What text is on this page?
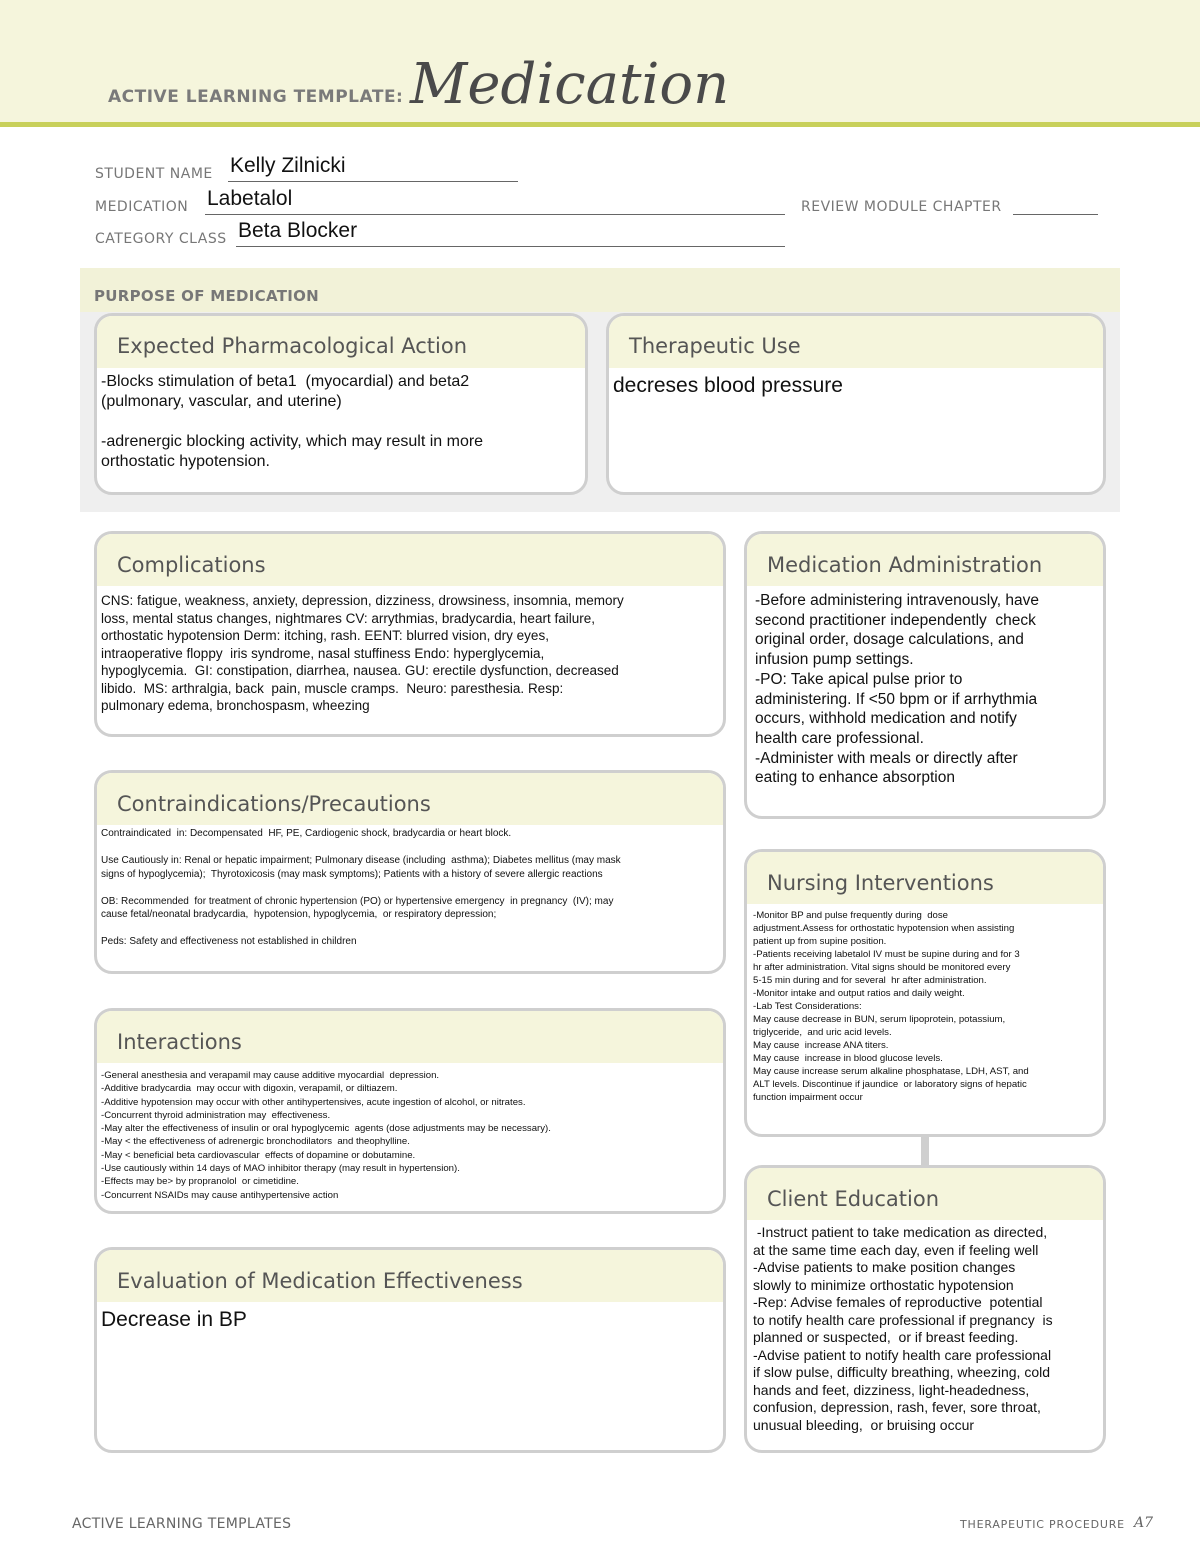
ACTIVE LEARNING TEMPLATE: Medication
STUDENT NAME Kelly Zilnicki
MEDICATION Labetalol	REVIEW MODULE CHAPTER
CATEGORY CLASS Beta Blocker
PURPOSE OF MEDICATION
Expected Pharmacological Action
-Blocks stimulation of beta1  (myocardial) and beta2
(pulmonary, vascular, and uterine)

-adrenergic blocking activity, which may result in more
orthostatic hypotension.
Therapeutic Use
decreses blood pressure
Complications
CNS: fatigue, weakness, anxiety, depression, dizziness, drowsiness, insomnia, memory
loss, mental status changes, nightmares CV: arrythmias, bradycardia, heart failure,
orthostatic hypotension Derm: itching, rash. EENT: blurred vision, dry eyes,
intraoperative floppy  iris syndrome, nasal stuffiness Endo: hyperglycemia,
hypoglycemia.  GI: constipation, diarrhea, nausea. GU: erectile dysfunction, decreased
libido.  MS: arthralgia, back  pain, muscle cramps.  Neuro: paresthesia. Resp:
pulmonary edema, bronchospasm, wheezing
Medication Administration
-Before administering intravenously, have
second practitioner independently  check
original order, dosage calculations, and
infusion pump settings.
-PO: Take apical pulse prior to
administering. If <50 bpm or if arrhythmia
occurs, withhold medication and notify
health care professional.
-Administer with meals or directly after
eating to enhance absorption
Contraindications/Precautions
Contraindicated  in: Decompensated  HF, PE, Cardiogenic shock, bradycardia or heart block.

Use Cautiously in: Renal or hepatic impairment; Pulmonary disease (including  asthma); Diabetes mellitus (may mask
signs of hypoglycemia);  Thyrotoxicosis (may mask symptoms); Patients with a history of severe allergic reactions

OB: Recommended  for treatment of chronic hypertension (PO) or hypertensive emergency  in pregnancy  (IV); may
cause fetal/neonatal bradycardia,  hypotension, hypoglycemia,  or respiratory depression;

Peds: Safety and effectiveness not established in children
Nursing Interventions
-Monitor BP and pulse frequently during  dose
adjustment.Assess for orthostatic hypotension when assisting
patient up from supine position.
-Patients receiving labetalol IV must be supine during and for 3
hr after administration. Vital signs should be monitored every
5-15 min during and for several  hr after administration.
-Monitor intake and output ratios and daily weight.
-Lab Test Considerations:
May cause decrease in BUN, serum lipoprotein, potassium,
triglyceride,  and uric acid levels.
May cause  increase ANA titers.
May cause  increase in blood glucose levels.
May cause increase serum alkaline phosphatase, LDH, AST, and
ALT levels. Discontinue if jaundice  or laboratory signs of hepatic
function impairment occur
Interactions
-General anesthesia and verapamil may cause additive myocardial  depression.
-Additive bradycardia  may occur with digoxin, verapamil, or diltiazem.
-Additive hypotension may occur with other antihypertensives, acute ingestion of alcohol, or nitrates.
-Concurrent thyroid administration may  effectiveness.
-May alter the effectiveness of insulin or oral hypoglycemic  agents (dose adjustments may be necessary).
-May < the effectiveness of adrenergic bronchodilators  and theophylline.
-May < beneficial beta cardiovascular  effects of dopamine or dobutamine.
-Use cautiously within 14 days of MAO inhibitor therapy (may result in hypertension).
-Effects may be> by propranolol  or cimetidine.
-Concurrent NSAIDs may cause antihypertensive action	Client Education
-Instruct patient to take medication as directed,
at the same time each day, even if feeling well
-Advise patients to make position changes
slowly to minimize orthostatic hypotension
-Rep: Advise females of reproductive  potential
to notify health care professional if pregnancy  is
planned or suspected,  or if breast feeding.
-Advise patient to notify health care professional
if slow pulse, difficulty breathing, wheezing, cold
hands and feet, dizziness, light-headedness,
confusion, depression, rash, fever, sore throat,
unusual bleeding,  or bruising occur
Evaluation of Medication Effectiveness
Decrease in BP
ACTIVE LEARNING TEMPLATES	THERAPEUTIC PROCEDURE A7
